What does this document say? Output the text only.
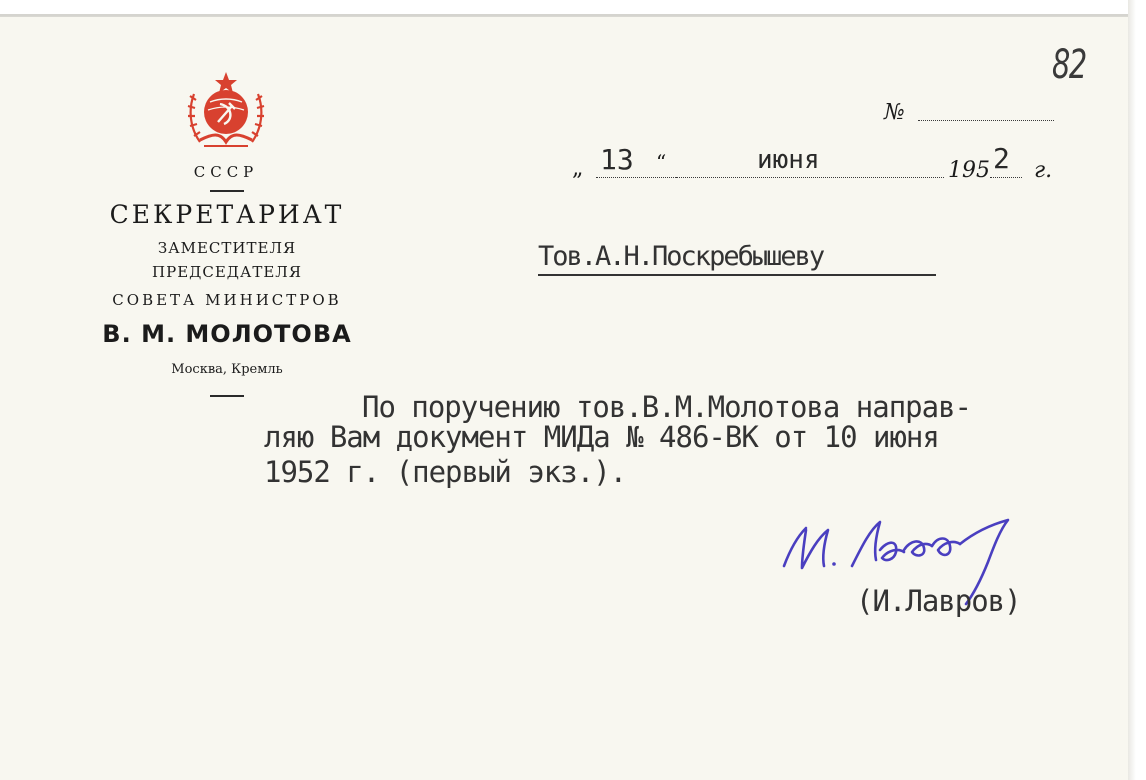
82
СССР
СЕКРЕТАРИАТ
ЗАМЕСТИТЕЛЯ
ПРЕДСЕДАТЕЛЯ
СОВЕТА МИНИСТРОВ
В. М. МОЛОТОВА
Москва, Кремль
№
„ 13 “	июня	195 2 г.
Тов.А.Н.Поскребышеву
По поручению тов.В.М.Молотова направ-
ляю Вам документ МИДа № 486-ВК от 10 июня
1952 г. (первый экз.).
(И.Лавров)
